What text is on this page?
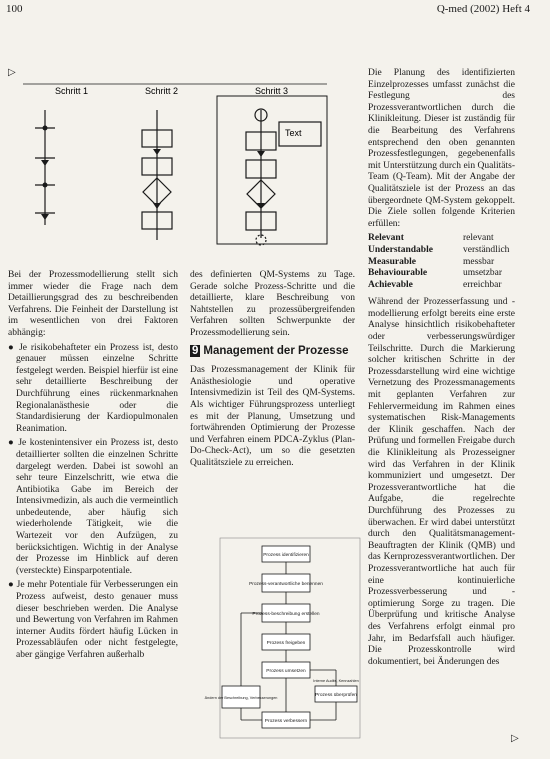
100	Q-med (2002) Heft 4
▷
▷
Schritt 1	Schritt 2	Schritt 3
Text

Bei der Prozessmodellierung stellt sich immer wieder die Frage nach dem Detaillierungsgrad des zu beschreibenden Verfahrens. Die Feinheit der Darstellung ist im wesentlichen von drei Faktoren abhängig:

● Je risikobehafteter ein Prozess ist, desto genauer müssen einzelne Schritte festgelegt werden. Beispiel hierfür ist eine sehr detaillierte Beschreibung der Durchführung eines rückenmarknahen Regionalanästhesie oder die Standardisierung der Kardiopulmonalen Reanimation.

● Je kostenintensiver ein Prozess ist, desto detaillierter sollten die einzelnen Schritte dargelegt werden. Dabei ist sowohl an sehr teure Einzelschritt, wie etwa die Antibiotika Gabe im Bereich der Intensivmedizin, als auch die vermeintlich unbedeutende, aber häufig sich wiederholende Tätigkeit, wie die Wartezeit vor den Aufzügen, zu berücksichtigen. Wichtig in der Analyse der Prozesse im Hinblick auf deren (versteckte) Einsparpotentiale.

● Je mehr Potentiale für Verbesserungen ein Prozess aufweist, desto genauer muss dieser beschrieben werden. Die Analyse und Bewertung von Verfahren im Rahmen interner Audits fördert häufig Lücken in Prozessabläufen oder nicht festgelegte, aber gängige Verfahren außerhalb

des definierten QM-Systems zu Tage. Gerade solche Prozess-Schritte und die detaillierte, klare Beschreibung von Nahtstellen zu prozessübergreifenden Verfahren sollten Schwerpunkte der Prozessmodellierung sein.

9 Management der Prozesse

Das Prozessmanagement der Klinik für Anästhesiologie und operative Intensivmedizin ist Teil des QM-Systems. Als wichtiger Führungsprozess unterliegt es mit der Planung, Umsetzung und fortwährenden Optimierung der Prozesse und Verfahren einem PDCA-Zyklus (Plan-Do-Check-Act), um so die gesetzten Qualitätsziele zu erreichen.

Prozess identifizieren
Prozess-verantwortliche benennen
Prozess-beschreibung erstellen
Prozess freigeben
Prozess umsetzen
Prozess überprüfen
Prozess verbessern
Ändern der Beschreibung, Verbesserungen
Interne Audits, Kennzahlen

Die Planung des identifizierten Einzelprozesses umfasst zunächst die Festlegung des Prozessverantwortlichen durch die Klinikleitung. Dieser ist zuständig für die Bearbeitung des Verfahrens entsprechend den oben genannten Prozessfestlegungen, gegebenenfalls mit Unterstützung durch ein Qualitäts-Team (Q-Team). Mit der Angabe der Qualitätsziele ist der Prozess an das übergeordnete QM-System gekoppelt. Die Ziele sollen folgende Kriterien erfüllen:

Relevant	relevant
Understandable	verständlich
Measurable	messbar
Behaviourable	umsetzbar
Achievable	erreichbar

Während der Prozesserfassung und -modellierung erfolgt bereits eine erste Analyse hinsichtlich risikobehafteter oder verbesserungswürdiger Teilschritte. Durch die Markierung solcher kritischen Schritte in der Prozessdarstellung wird eine wichtige Vernetzung des Prozessmanagements mit geplanten Verfahren zur Fehlervermeidung im Rahmen eines systematischen Risk-Managements der Klinik geschaffen. Nach der Prüfung und formellen Freigabe durch die Klinikleitung als Prozesseigner wird das Verfahren in der Klinik kommuniziert und umgesetzt. Der Prozessverantwortliche hat die Aufgabe, die regelrechte Durchführung des Prozesses zu überwachen. Er wird dabei unterstützt durch den Qualitätsmanagement-Beauftragten der Klinik (QMB) und das Kernprozessverantwortlichen. Der Prozessverantwortliche hat auch für eine kontinuierliche Prozessverbesserung und -optimierung Sorge zu tragen. Die Überprüfung und kritische Analyse des Verfahrens erfolgt einmal pro Jahr, im Bedarfsfall auch häufiger. Die Prozesskontrolle wird dokumentiert, bei Änderungen des
